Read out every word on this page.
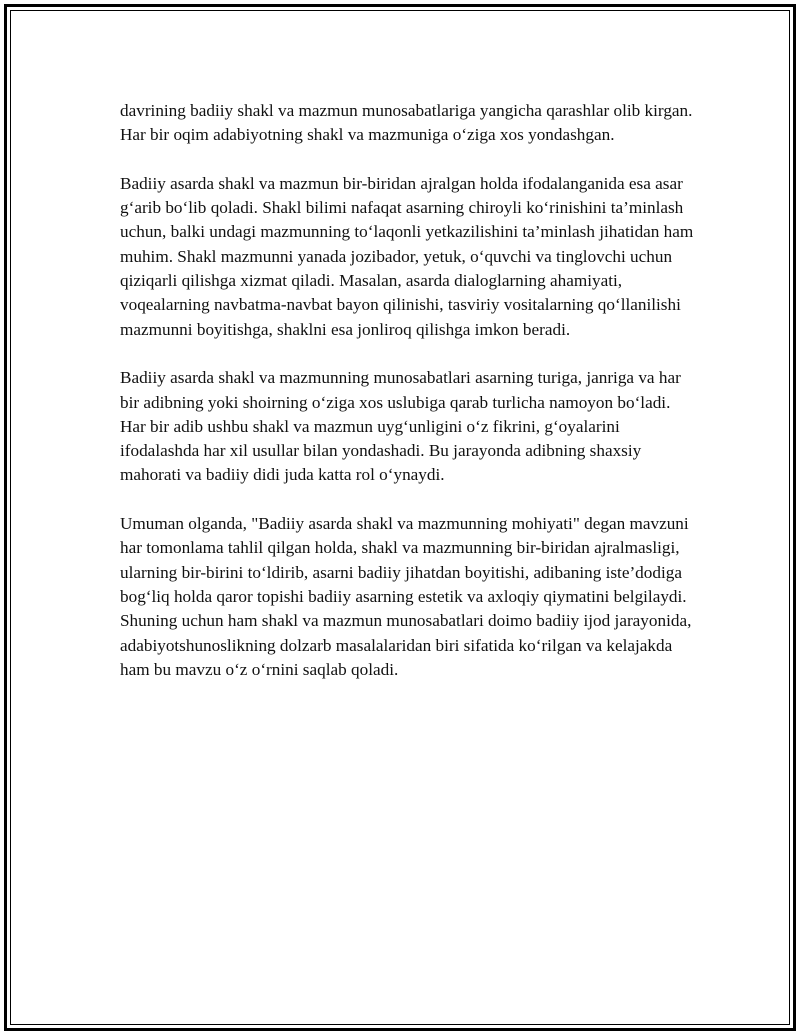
davrining badiiy shakl va mazmun munosabatlariga yangicha qarashlar olib kirgan. Har bir oqim adabiyotning shakl va mazmuniga o‘ziga xos yondashgan.

Badiiy asarda shakl va mazmun bir-biridan ajralgan holda ifodalanganida esa asar g‘arib bo‘lib qoladi. Shakl bilimi nafaqat asarning chiroyli ko‘rinishini ta’minlash uchun, balki undagi mazmunning to‘laqonli yetkazilishini ta’minlash jihatidan ham muhim. Shakl mazmunni yanada jozibador, yetuk, o‘quvchi va tinglovchi uchun qiziqarli qilishga xizmat qiladi. Masalan, asarda dialoglarning ahamiyati, voqealarning navbatma-navbat bayon qilinishi, tasviriy vositalarning qo‘llanilishi mazmunni boyitishga, shaklni esa jonliroq qilishga imkon beradi.

Badiiy asarda shakl va mazmunning munosabatlari asarning turiga, janriga va har bir adibning yoki shoirning o‘ziga xos uslubiga qarab turlicha namoyon bo‘ladi. Har bir adib ushbu shakl va mazmun uyg‘unligini o‘z fikrini, g‘oyalarini ifodalashda har xil usullar bilan yondashadi. Bu jarayonda adibning shaxsiy mahorati va badiiy didi juda katta rol o‘ynaydi.

Umuman olganda, "Badiiy asarda shakl va mazmunning mohiyati" degan mavzuni har tomonlama tahlil qilgan holda, shakl va mazmunning bir-biridan ajralmasligi, ularning bir-birini to‘ldirib, asarni badiiy jihatdan boyitishi, adibaning iste’dodiga bog‘liq holda qaror topishi badiiy asarning estetik va axloqiy qiymatini belgilaydi. Shuning uchun ham shakl va mazmun munosabatlari doimo badiiy ijod jarayonida, adabiyotshunoslikning dolzarb masalalaridan biri sifatida ko‘rilgan va kelajakda ham bu mavzu o‘z o‘rnini saqlab qoladi.
